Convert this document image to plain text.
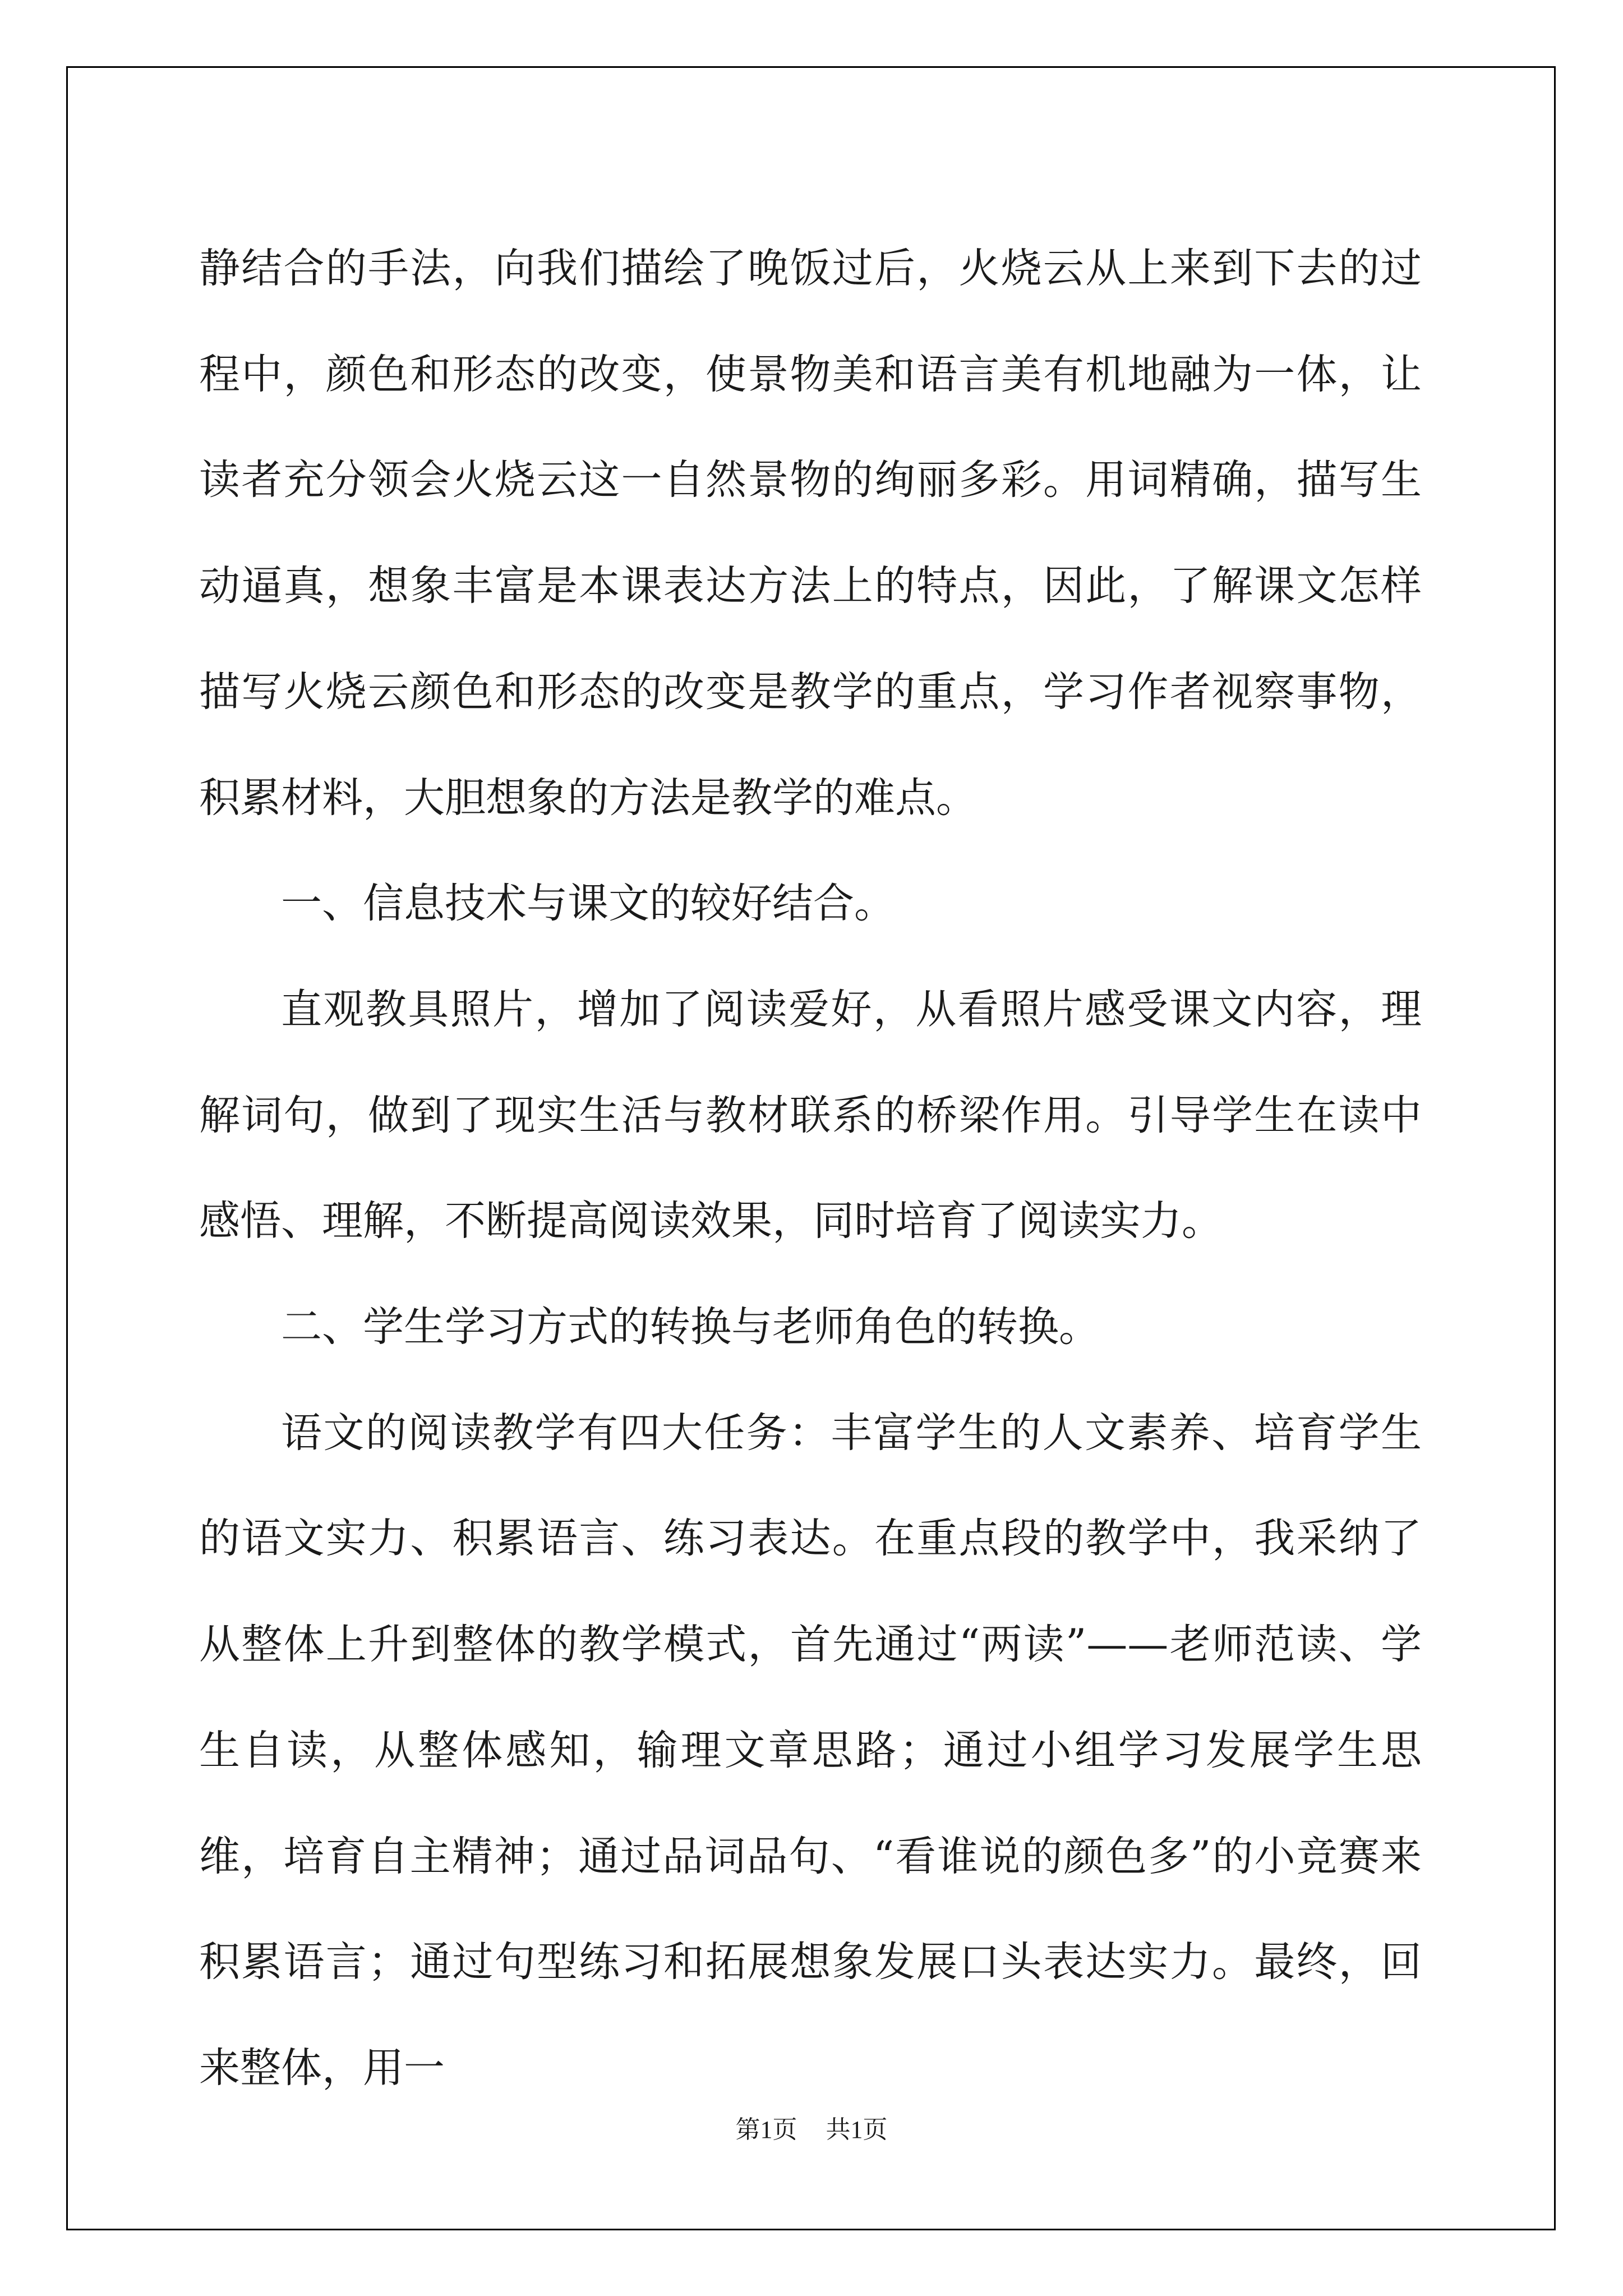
静结合的手法，向我们描绘了晚饭过后，火烧云从上来到下去的过程中，颜色和形态的改变，使景物美和语言美有机地融为一体，让读者充分领会火烧云这一自然景物的绚丽多彩。用词精确，描写生动逼真，想象丰富是本课表达方法上的特点，因此，了解课文怎样描写火烧云颜色和形态的改变是教学的重点，学习作者视察事物，积累材料，大胆想象的方法是教学的难点。

一、信息技术与课文的较好结合。

直观教具照片，增加了阅读爱好，从看照片感受课文内容，理解词句，做到了现实生活与教材联系的桥梁作用。引导学生在读中感悟、理解，不断提高阅读效果，同时培育了阅读实力。

二、学生学习方式的转换与老师角色的转换。

语文的阅读教学有四大任务：丰富学生的人文素养、培育学生的语文实力、积累语言、练习表达。在重点段的教学中，我采纳了从整体上升到整体的教学模式，首先通过“两读”——老师范读、学生自读，从整体感知，输理文章思路；通过小组学习发展学生思维，培育自主精神；通过品词品句、“看谁说的颜色多”的小竞赛来积累语言；通过句型练习和拓展想象发展口头表达实力。最终，回来整体，用一

第1页 共1页
